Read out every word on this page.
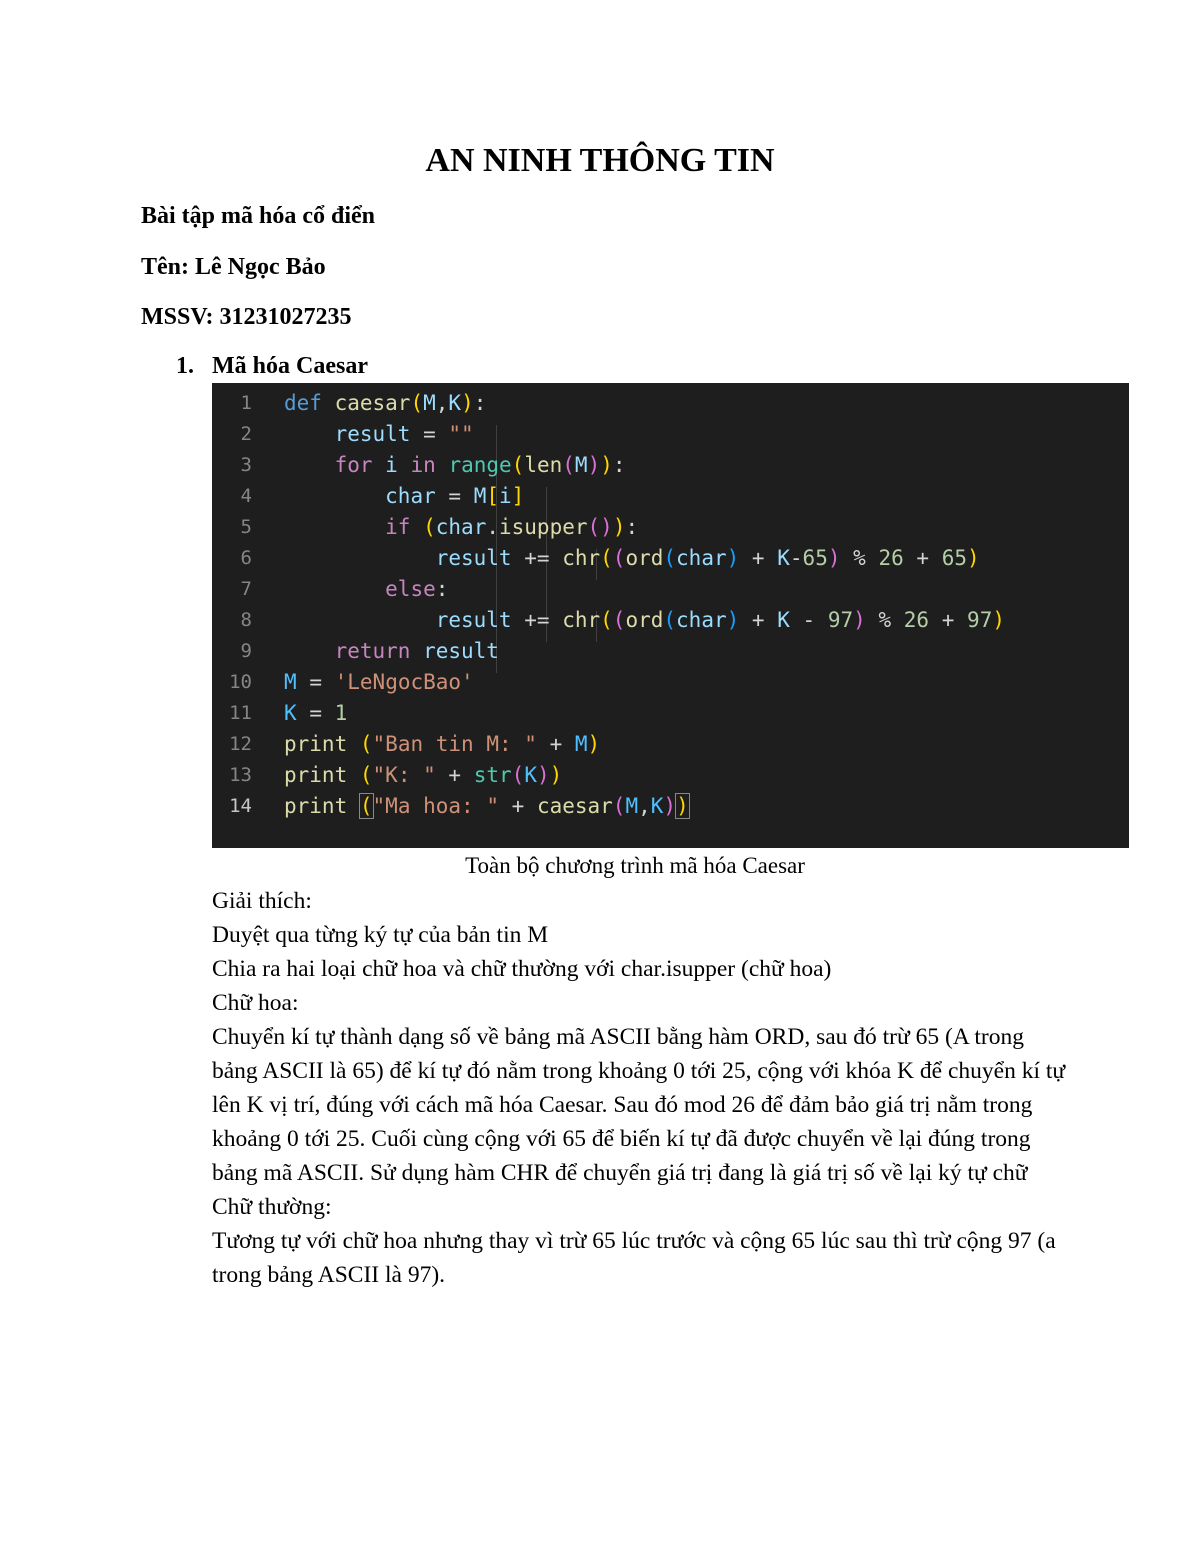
AN NINH THÔNG TIN
Bài tập mã hóa cổ điển
Tên: Lê Ngọc Bảo
MSSV: 31231027235
1. Mã hóa Caesar
1 def caesar(M,K):
2	result = ""
3	for i in range(len(M)):
4	char = M[i]
5	if (char.isupper()):
6	result += chr((ord(char) + K-65) % 26 + 65)
7	else:
8	result += chr((ord(char) + K - 97) % 26 + 97)
9	return result
10 M = 'LeNgocBao'
11 K = 1
12 print ("Ban tin M: " + M)
13 print ("K: " + str(K))
14 print ("Ma hoa: " + caesar(M,K))
Toàn bộ chương trình mã hóa Caesar

Giải thích:

Duyệt qua từng ký tự của bản tin M

Chia ra hai loại chữ hoa và chữ thường với char.isupper (chữ hoa)

Chữ hoa:

Chuyển kí tự thành dạng số về bảng mã ASCII bằng hàm ORD, sau đó trừ 65 (A trong bảng ASCII là 65) để kí tự đó nằm trong khoảng 0 tới 25, cộng với khóa K để chuyển kí tự lên K vị trí, đúng với cách mã hóa Caesar. Sau đó mod 26 để đảm bảo giá trị nằm trong khoảng 0 tới 25. Cuối cùng cộng với 65 để biến kí tự đã được chuyển về lại đúng trong bảng mã ASCII. Sử dụng hàm CHR để chuyển giá trị đang là giá trị số về lại ký tự chữ

Chữ thường:

Tương tự với chữ hoa nhưng thay vì trừ 65 lúc trước và cộng 65 lúc sau thì trừ cộng 97 (a trong bảng ASCII là 97).
